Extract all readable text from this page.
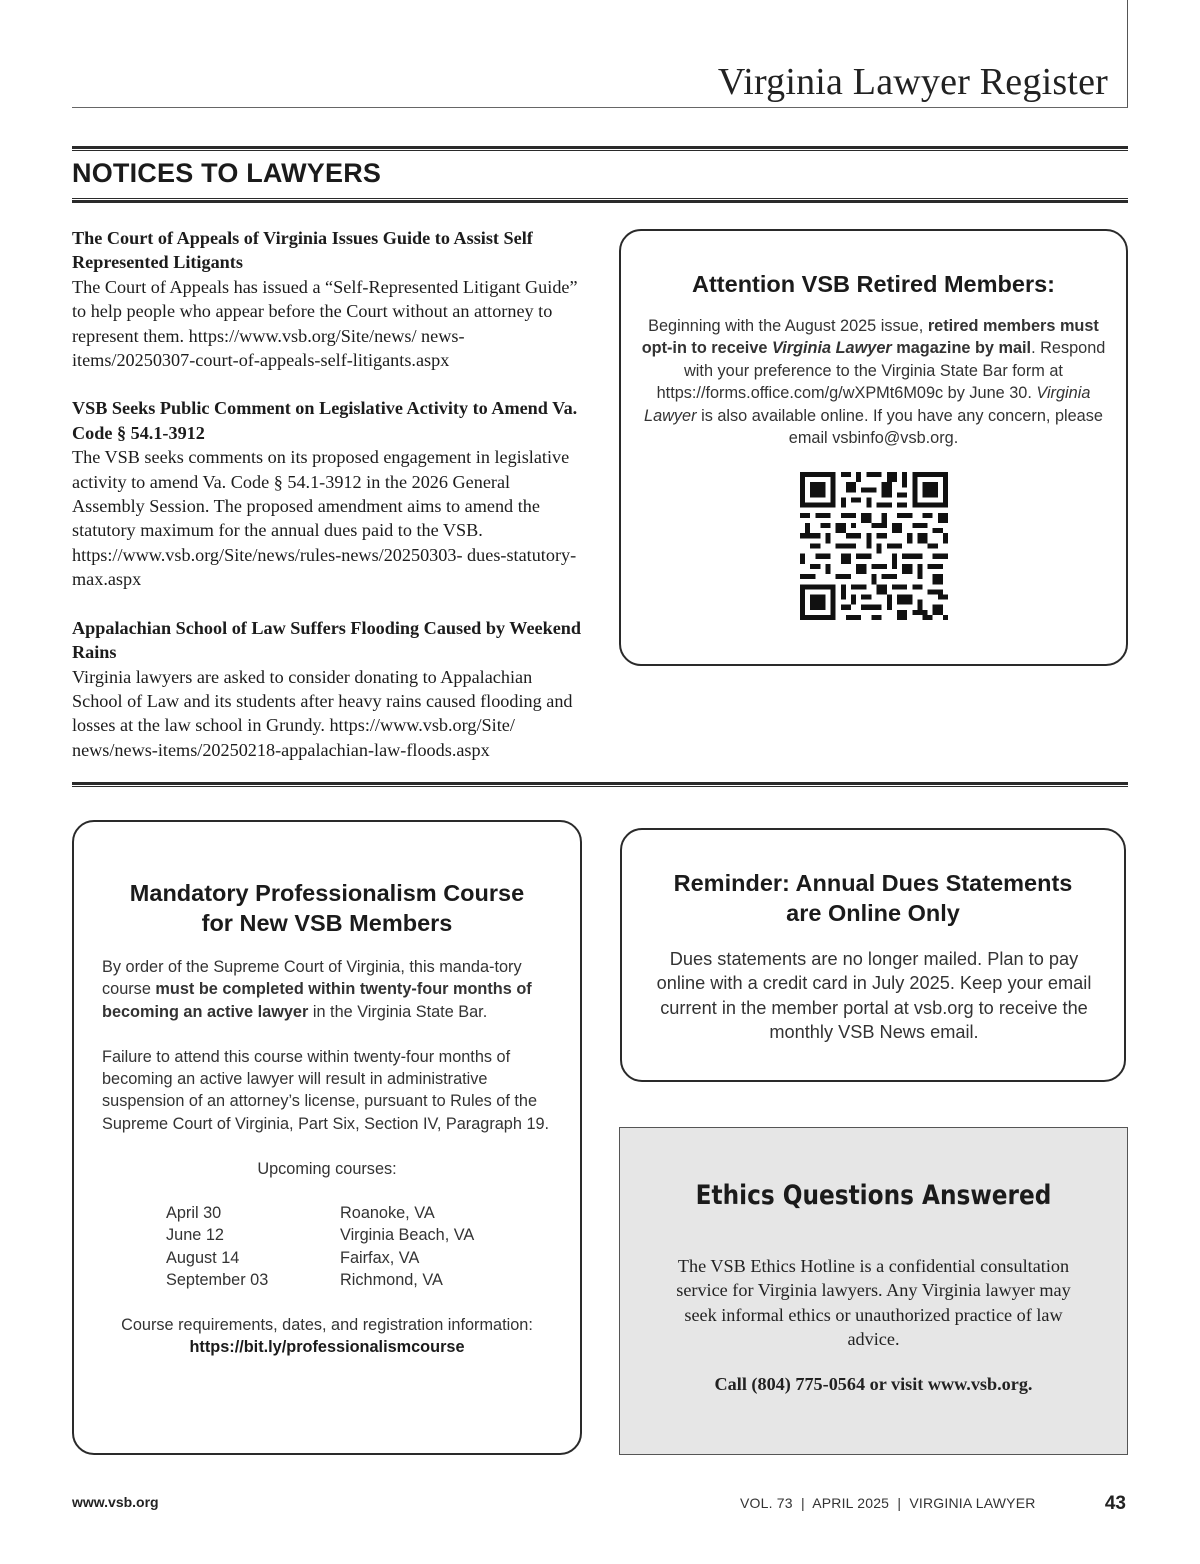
Virginia Lawyer Register
NOTICES TO LAWYERS
The Court of Appeals of Virginia Issues Guide to Assist Self Represented Litigants

The Court of Appeals has issued a “Self-Represented Litigant Guide” to help people who appear before the Court without an attorney to represent them. https://www.vsb.org/Site/news/ news-items/20250307-court-of-appeals-self-litigants.aspx

VSB Seeks Public Comment on Legislative Activity to Amend Va. Code § 54.1-3912

The VSB seeks comments on its proposed engagement in legislative activity to amend Va. Code § 54.1-3912 in the 2026 General Assembly Session. The proposed amendment aims to amend the statutory maximum for the annual dues paid to the VSB. https://www.vsb.org/Site/news/rules-news/20250303- dues-statutory-max.aspx

Appalachian School of Law Suffers Flooding Caused by Weekend Rains

Virginia lawyers are asked to consider donating to Appalachian School of Law and its students after heavy rains caused flooding and losses at the law school in Grundy. https://www.vsb.org/Site/ news/news-items/20250218-appalachian-law-floods.aspx

Attention VSB Retired Members:
Beginning with the August 2025 issue, retired members must opt-in to receive Virginia Lawyer magazine by mail. Respond with your preference to the Virginia State Bar form at https://forms.office.com/g/wXPMt6M09c by June 30. Virginia Lawyer is also available online. If you have any concern, please email vsbinfo@vsb.org.
Mandatory Professionalism Course
for New VSB Members

By order of the Supreme Court of Virginia, this manda-tory course must be completed within twenty-four months of becoming an active lawyer in the Virginia State Bar.

Failure to attend this course within twenty-four months of becoming an active lawyer will result in administrative suspension of an attorney’s license, pursuant to Rules of the Supreme Court of Virginia, Part Six, Section IV, Paragraph 19.

Upcoming courses:
April 30	Roanoke, VA
June 12	Virginia Beach, VA
August 14	Fairfax, VA
September 03	Richmond, VA
Course requirements, dates, and registration information:
https://bit.ly/professionalismcourse
Reminder: Annual Dues Statements
are Online Only
Dues statements are no longer mailed. Plan to pay online with a credit card in July 2025. Keep your email current in the member portal at vsb.org to receive the monthly VSB News email.
Ethics Questions Answered
The VSB Ethics Hotline is a confidential consultation service for Virginia lawyers. Any Virginia lawyer may seek informal ethics or unauthorized practice of law advice.
Call (804) 775-0564 or visit www.vsb.org.
www.vsb.org	VOL. 73  |  APRIL 2025  |  VIRGINIA LAWYER	43
